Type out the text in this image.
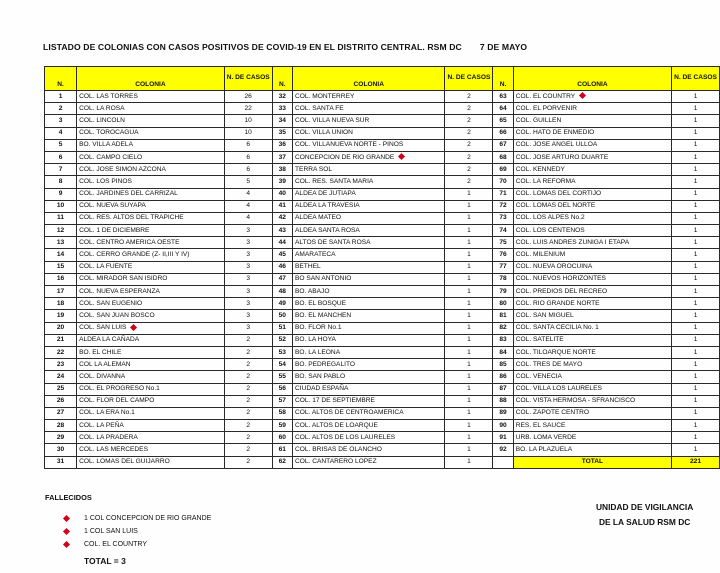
LISTADO DE COLONIAS CON CASOS POSITIVOS DE COVID-19 EN EL DISTRITO CENTRAL. RSM DC 7 DE MAYO
N.	COLONIA	N. DE CASOS	N.	COLONIA	N. DE CASOS	N.	COLONIA	N. DE CASOS
1	COL. LAS TORRES	26	32	COL. MONTERREY	2	63	COL. EL COUNTRY	1
2	COL. LA ROSA	22	33	COL. SANTA FE	2	64	COL. EL PORVENIR	1
3	COL. LINCOLN	10	34	COL. VILLA NUEVA SUR	2	65	COL. GUILLEN	1
4	COL. TOROCAGUA	10	35	COL. VILLA UNION	2	66	COL. HATO DE ENMEDIO	1
5	BO. VILLA ADELA	6	36	COL. VILLANUEVA NORTE - PINOS	2	67	COL. JOSE ANGEL ULLOA	1
6	COL. CAMPO CIELO	6	37	CONCEPCION DE RIO GRANDE	2	68	COL. JOSE ARTURO DUARTE	1
7	COL. JOSE SIMON AZCONA	6	38	TERRA SOL	2	69	COL. KENNEDY	1
8	COL. LOS PINOS	5	39	COL. RES. SANTA MARIA	2	70	COL. LA REFORMA	1
9	COL. JARDINES DEL CARRIZAL	4	40	ALDEA DE JUTIAPA	1	71	COL. LOMAS DEL CORTIJO	1
10	COL. NUEVA SUYAPA	4	41	ALDEA LA TRAVESIA	1	72	COL. LOMAS DEL NORTE	1
11	COL. RES. ALTOS DEL TRAPICHE	4	42	ALDEA MATEO	1	73	COL. LOS ALPES No.2	1
12	COL. 1 DE DICIEMBRE	3	43	ALDEA SANTA ROSA	1	74	COL. LOS CENTENOS	1
13	COL. CENTRO AMERICA OESTE	3	44	ALTOS DE SANTA ROSA	1	75	COL. LUIS ANDRES ZUNIGA I ETAPA	1
14	COL. CERRO GRANDE (Z- II,III Y IV)	3	45	AMARATECA	1	76	COL. MILENIUM	1
15	COL. LA FUENTE	3	46	BETHEL	1	77	COL. NUEVA OROCUINA	1
16	COL. MIRADOR SAN ISIDRO	3	47	BO SAN ANTONIO	1	78	COL. NUEVOS HORIZONTES	1
17	COL. NUEVA ESPERANZA	3	48	BO. ABAJO	1	79	COL. PREDIOS DEL RECREO	1
18	COL. SAN EUGENIO	3	49	BO. EL BOSQUE	1	80	COL. RIO GRANDE NORTE	1
19	COL. SAN JUAN BOSCO	3	50	BO. EL MANCHEN	1	81	COL. SAN MIGUEL	1
20	COL. SAN LUIS	3	51	BO. FLOR No.1	1	82	COL. SANTA CECILIA No. 1	1
21	ALDEA LA CAÑADA	2	52	BO. LA HOYA	1	83	COL. SATELITE	1
22	BO. EL CHILE	2	53	BO. LA LEONA	1	84	COL. TILOARQUE NORTE	1
23	COL LA ALEMAN	2	54	BO. PEDREGALITO	1	85	COL. TRES DE MAYO	1
24	COL. DIVANNA	2	55	BO. SAN PABLO	1	86	COL. VENECIA	1
25	COL. EL PROGRESO No.1	2	56	CIUDAD ESPAÑA	1	87	COL. VILLA LOS LAURELES	1
26	COL. FLOR DEL CAMPO	2	57	COL. 17 DE SEPTIEMBRE	1	88	COL. VISTA HERMOSA - SFRANCISCO	1
27	COL. LA ERA No.1	2	58	COL. ALTOS DE CENTROAMERICA	1	89	COL. ZAPOTE CENTRO	1
28	COL. LA PEÑA	2	59	COL. ALTOS DE LOARQUE	1	90	RES. EL SAUCE	1
29	COL. LA PRADERA	2	60	COL. ALTOS DE LOS LAURELES	1	91	URB. LOMA VERDE	1
30	COL. LAS MERCEDES	2	61	COL. BRISAS DE OLANCHO	1	92	BO. LA PLAZUELA	1
31	COL. LOMAS DEL GUIJARRO	2	62	COL. CANTARERO LOPEZ	1		TOTAL	221
FALLECIDOS
1 COL CONCEPCION DE RIO GRANDE
1 COL SAN LUIS
COL. EL COUNTRY
TOTAL = 3
UNIDAD DE VIGILANCIA
DE LA SALUD RSM DC
